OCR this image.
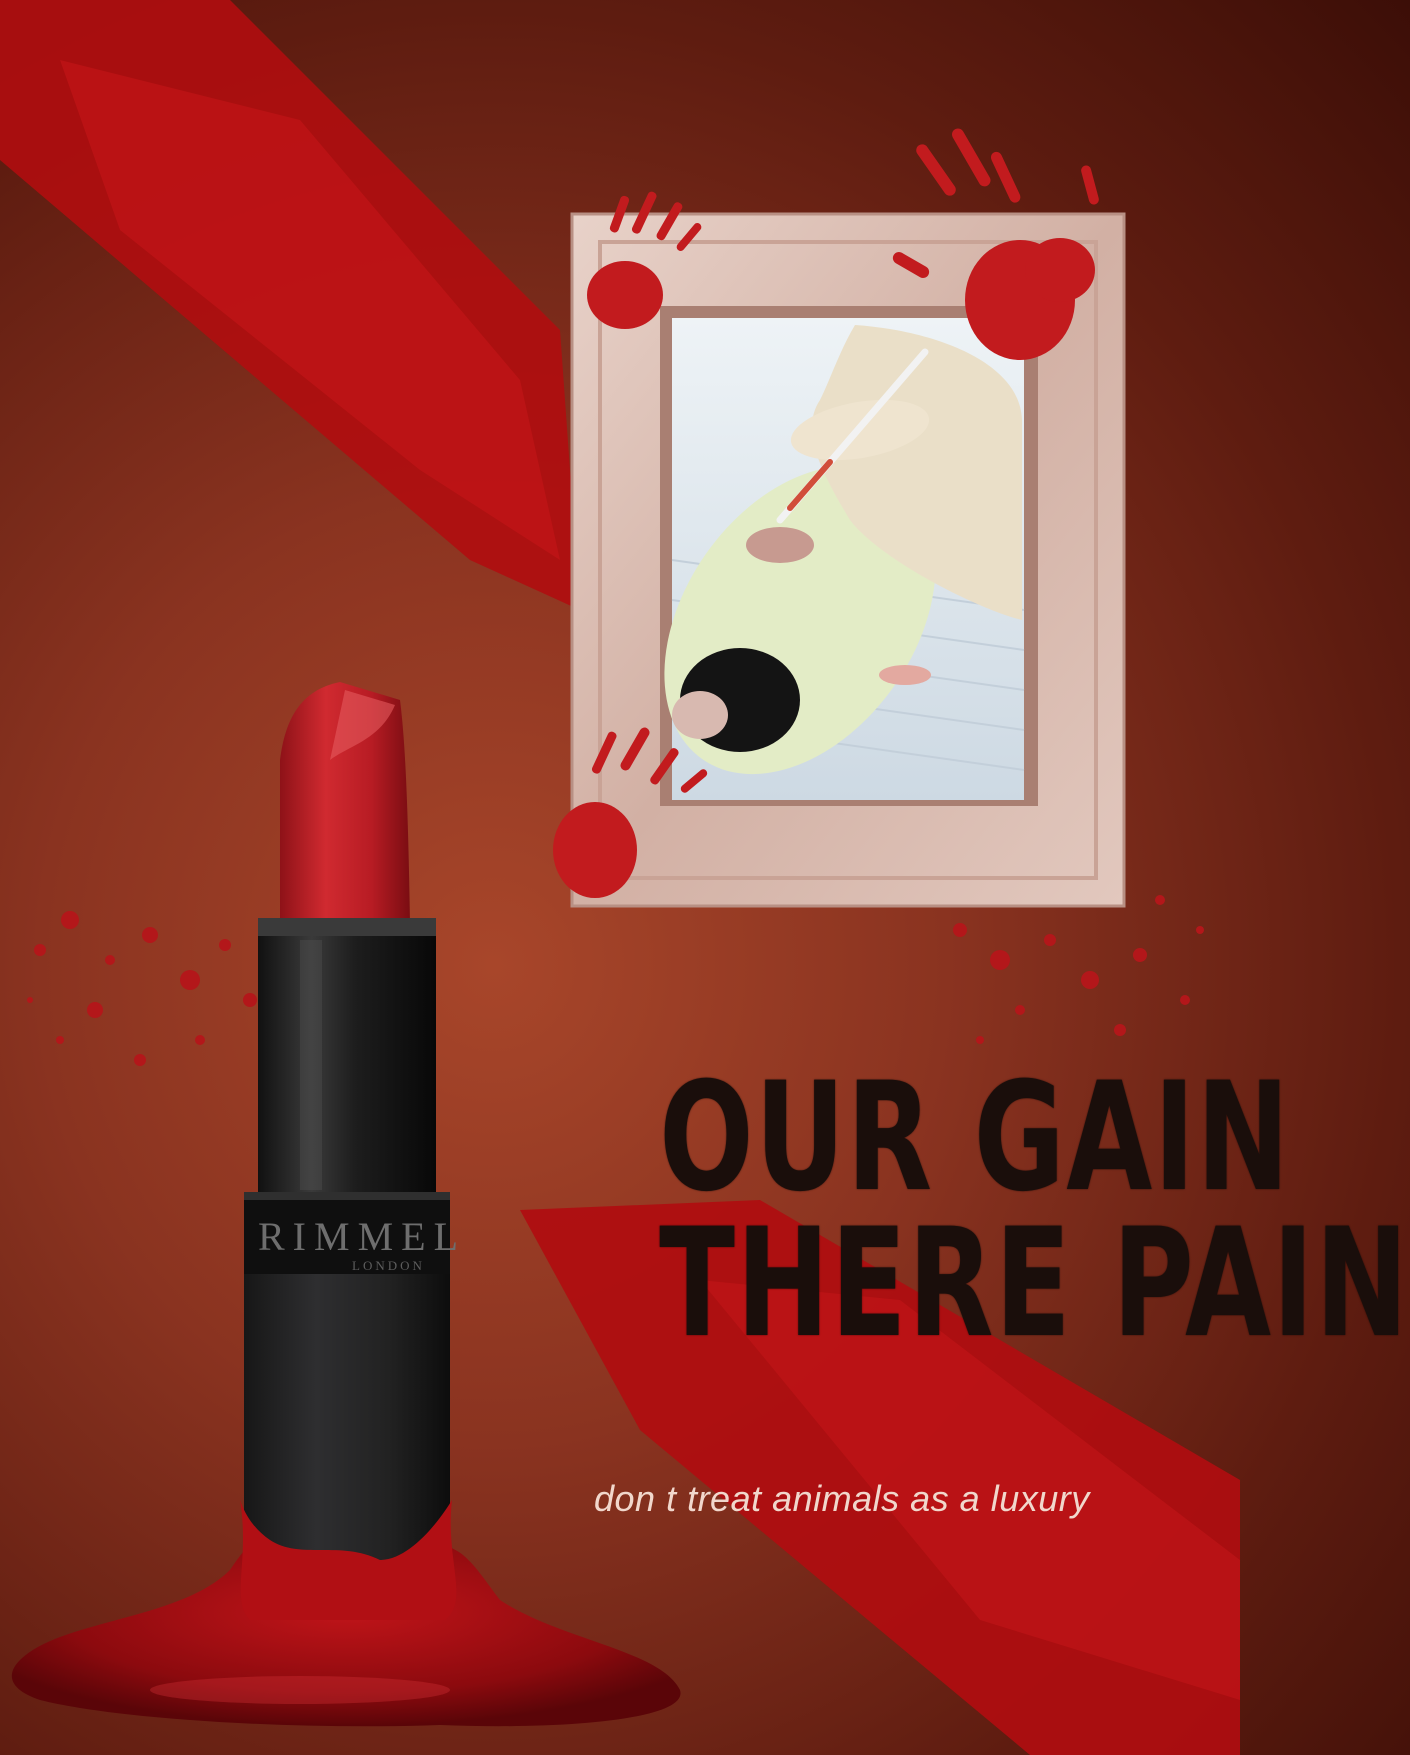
RIMMEL
LONDON
OUR GAIN
THERE PAIN

don t treat animals as a luxury
